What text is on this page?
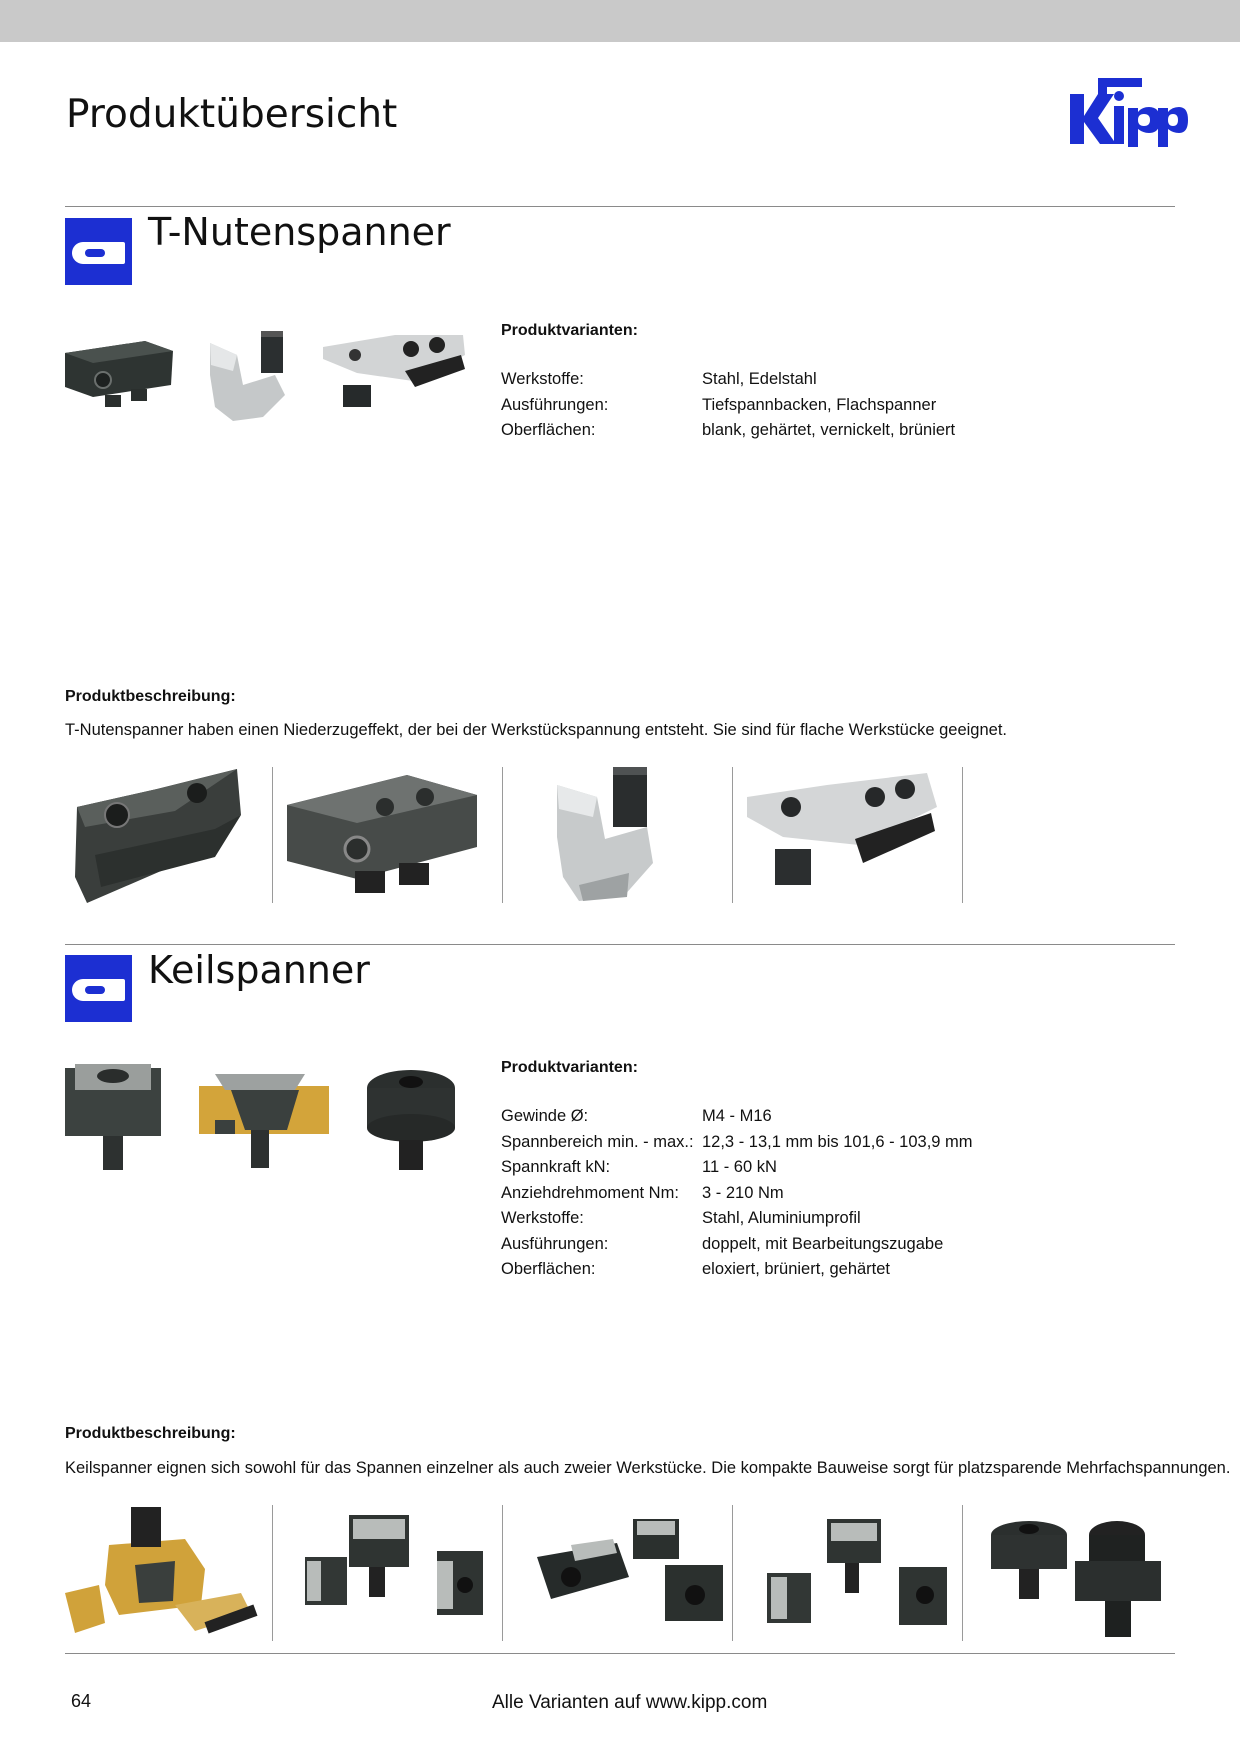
Produktübersicht
T-Nutenspanner
Produktvarianten:
Werkstoffe:	Stahl, Edelstahl
Ausführungen:	Tiefspannbacken, Flachspanner
Oberflächen:	blank, gehärtet, vernickelt, brüniert
Produktbeschreibung:
T-Nutenspanner haben einen Niederzugeffekt, der bei der Werkstückspannung entsteht. Sie sind für flache Werkstücke geeignet.
Keilspanner
Produktvarianten:
Gewinde Ø:	M4 - M16
Spannbereich min. - max.: 12,3 - 13,1 mm bis 101,6 - 103,9 mm
Spannkraft kN:	11 - 60 kN
Anziehdrehmoment Nm:	3 - 210 Nm
Werkstoffe:	Stahl, Aluminiumprofil
Ausführungen:	doppelt, mit Bearbeitungszugabe
Oberflächen:	eloxiert, brüniert, gehärtet
Produktbeschreibung:
Keilspanner eignen sich sowohl für das Spannen einzelner als auch zweier Werkstücke. Die kompakte Bauweise sorgt für platzsparende Mehrfachspannungen.
64	Alle Varianten auf www.kipp.com
